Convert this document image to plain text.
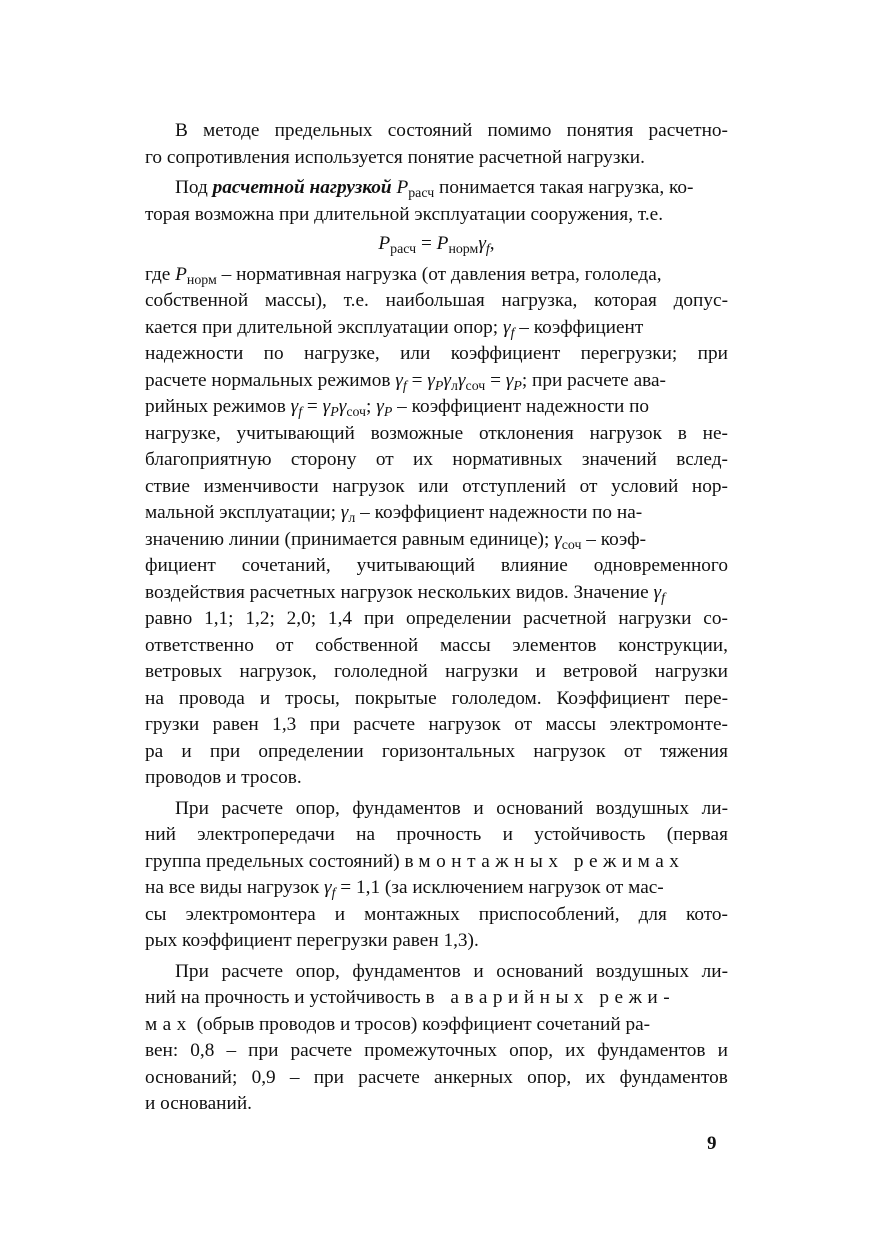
В методе предельных состояний помимо понятия расчетно-
го сопротивления используется понятие расчетной нагрузки.
Под расчетной нагрузкой $P_{расч}$ понимается такая нагрузка, ко-
торая возможна при длительной эксплуатации сооружения, т.е.
$P_{расч} = P_{норм}\gamma_f$,
где $P_{норм}$ – нормативная нагрузка (от давления ветра, гололеда,
собственной массы), т.е. наибольшая нагрузка, которая допус-
кается при длительной эксплуатации опор; $\gamma_f$ – коэффициент
надежности по нагрузке, или коэффициент перегрузки; при
расчете нормальных режимов $\gamma_f = \gamma_P\gamma_л\gamma_{соч} = \gamma_P$; при расчете ава-
рийных режимов $\gamma_f = \gamma_P\gamma_{соч}$; $\gamma_P$ – коэффициент надежности по
нагрузке, учитывающий возможные отклонения нагрузок в не-
благоприятную сторону от их нормативных значений вслед-
ствие изменчивости нагрузок или отступлений от условий нор-
мальной эксплуатации; $\gamma_л$ – коэффициент надежности по на-
значению линии (принимается равным единице); $\gamma_{соч}$ – коэф-
фициент сочетаний, учитывающий влияние одновременного
воздействия расчетных нагрузок нескольких видов. Значение $\gamma_f$
равно 1,1; 1,2; 2,0; 1,4 при определении расчетной нагрузки со-
ответственно от собственной массы элементов конструкции,
ветровых нагрузок, гололедной нагрузки и ветровой нагрузки
на провода и тросы, покрытые гололедом. Коэффициент пере-
грузки равен 1,3 при расчете нагрузок от массы электромонте-
ра и при определении горизонтальных нагрузок от тяжения
проводов и тросов.
При расчете опор, фундаментов и оснований воздушных ли-
ний электропередачи на прочность и устойчивость (первая
группа предельных состояний) в монтажных режимах
на все виды нагрузок $\gamma_f = 1,1$ (за исключением нагрузок от мас-
сы электромонтера и монтажных приспособлений, для кото-
рых коэффициент перегрузки равен 1,3).
При расчете опор, фундаментов и оснований воздушных ли-
ний на прочность и устойчивость в аварийных режи-
мах (обрыв проводов и тросов) коэффициент сочетаний ра-
вен: 0,8 – при расчете промежуточных опор, их фундаментов и
оснований; 0,9 – при расчете анкерных опор, их фундаментов
и оснований.
9
